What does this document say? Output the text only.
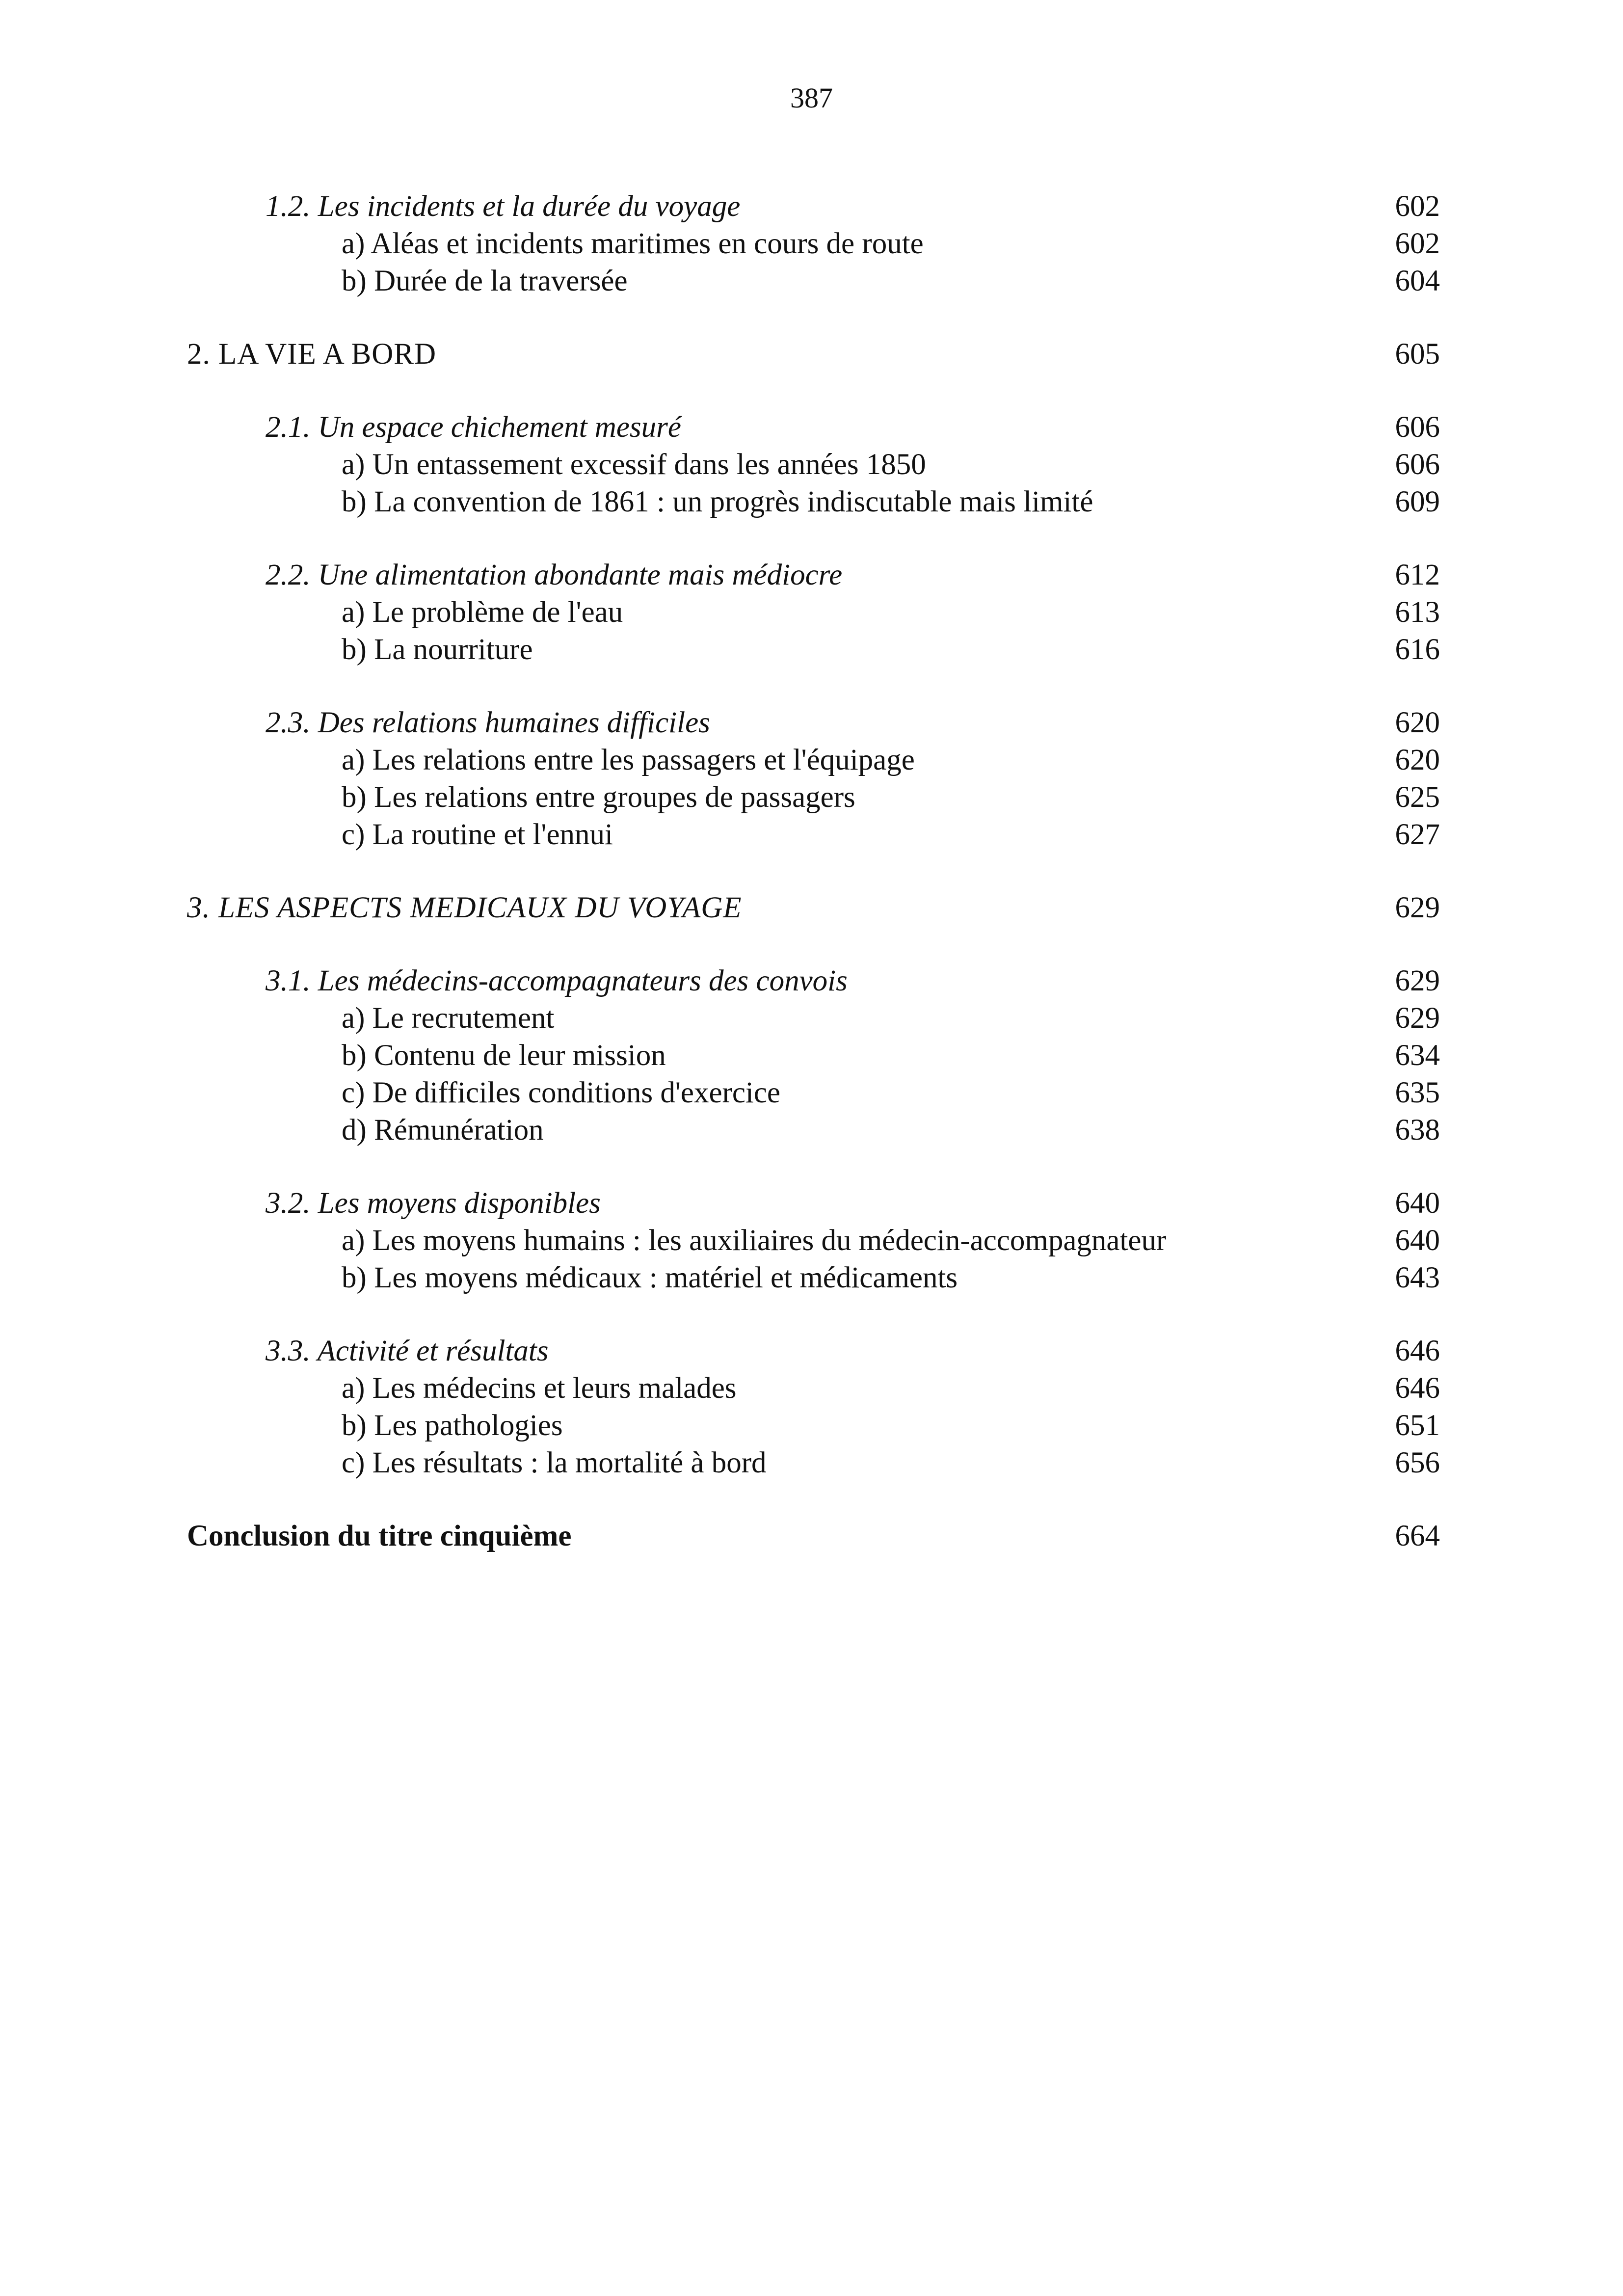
387
1.2. Les incidents et la durée du voyage	602
a) Aléas et incidents maritimes en cours de route	602
b) Durée de la traversée	604
2. LA VIE A BORD	605
2.1. Un espace chichement mesuré	606
a) Un entassement excessif dans les années 1850	606
b) La convention de 1861 : un progrès indiscutable mais limité	609
2.2. Une alimentation abondante mais médiocre	612
a) Le problème de l'eau	613
b) La nourriture	616
2.3. Des relations humaines difficiles	620
a) Les relations entre les passagers et l'équipage	620
b) Les relations entre groupes de passagers	625
c) La routine et l'ennui	627
3. LES ASPECTS MEDICAUX DU VOYAGE	629
3.1. Les médecins-accompagnateurs des convois	629
a) Le recrutement	629
b) Contenu de leur mission	634
c) De difficiles conditions d'exercice	635
d) Rémunération	638
3.2. Les moyens disponibles	640
a) Les moyens humains : les auxiliaires du médecin-accompagnateur	640
b) Les moyens médicaux : matériel et médicaments	643
3.3. Activité et résultats	646
a) Les médecins et leurs malades	646
b) Les pathologies	651
c) Les résultats : la mortalité à bord	656
Conclusion du titre cinquième	664
